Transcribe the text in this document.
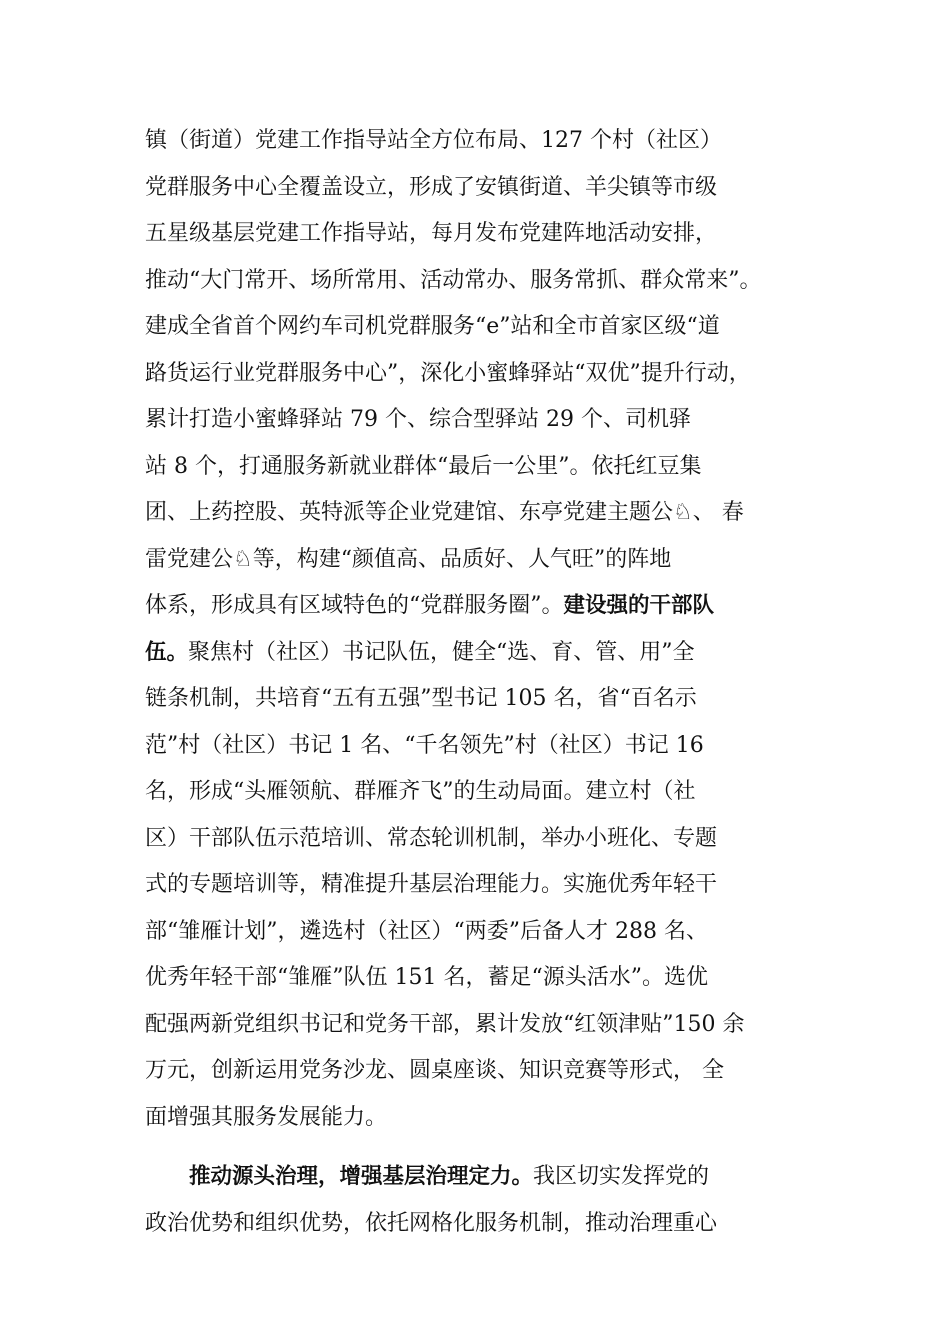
镇（街道）党建工作指导站全方位布局、127 个村（社区）
党群服务中心全覆盖设立，形成了安镇街道、羊尖镇等市级
五星级基层党建工作指导站，每月发布党建阵地活动安排，
推动“大门常开、场所常用、活动常办、服务常抓、群众常来”。
建成全省首个网约车司机党群服务“e”站和全市首家区级“道
路货运行业党群服务中心”，深化小蜜蜂驿站“双优”提升行动，
累计打造小蜜蜂驿站 79 个、综合型驿站 29 个、司机驿
站 8 个，打通服务新就业群体“最后一公里”。依托红豆集
团、上药控股、英特派等企业党建馆、东亭党建主题公♘、 春
雷党建公♘等，构建“颜值高、品质好、人气旺”的阵地
体系，形成具有区域特色的“党群服务圈”。建设强的干部队
伍。聚焦村（社区）书记队伍，健全“选、育、管、用”全
链条机制，共培育“五有五强”型书记 105 名，省“百名示
范”村（社区）书记 1 名、“千名领先”村（社区）书记 16
名，形成“头雁领航、群雁齐飞”的生动局面。建立村（社
区）干部队伍示范培训、常态轮训机制，举办小班化、专题
式的专题培训等，精准提升基层治理能力。实施优秀年轻干
部“雏雁计划”，遴选村（社区）“两委”后备人才 288 名、
优秀年轻干部“雏雁”队伍 151 名，蓄足“源头活水”。选优
配强两新党组织书记和党务干部，累计发放“红领津贴”150 余
万元，创新运用党务沙龙、圆桌座谈、知识竞赛等形式， 全
面增强其服务发展能力。
推动源头治理，增强基层治理定力。我区切实发挥党的
政治优势和组织优势，依托网格化服务机制，推动治理重心
